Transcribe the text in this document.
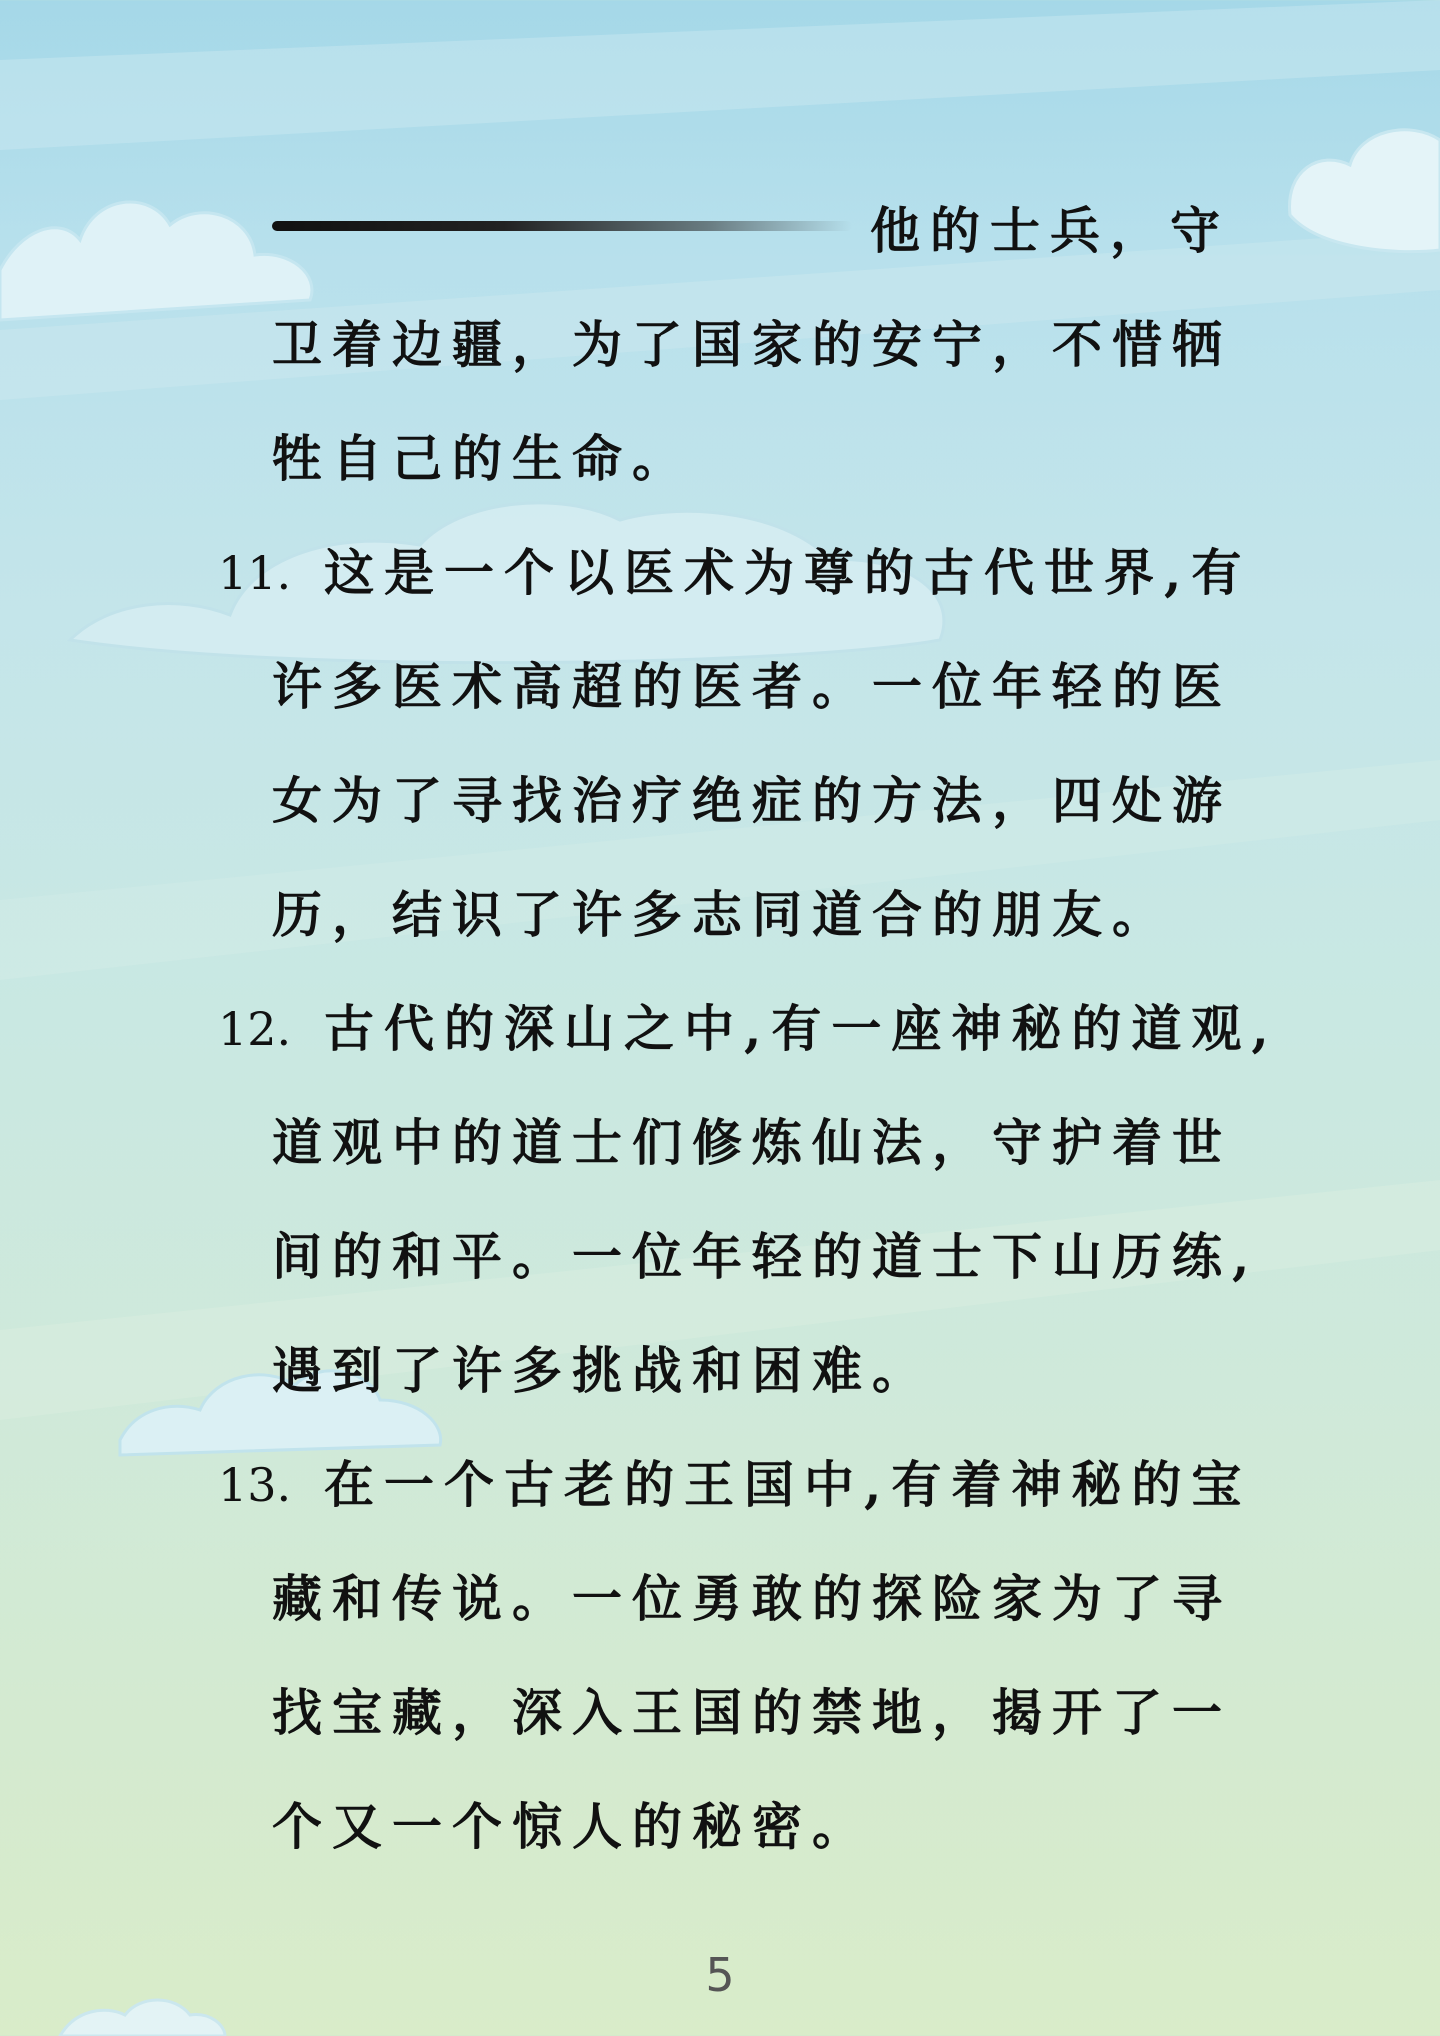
他的士兵，守
卫着边疆，为了国家的安宁，不惜牺
牲自己的生命。
11. 这是一个以医术为尊的古代世界,有
许多医术高超的医者。一位年轻的医
女为了寻找治疗绝症的方法，四处游
历，结识了许多志同道合的朋友。
12. 古代的深山之中,有一座神秘的道观,
道观中的道士们修炼仙法，守护着世
间的和平。一位年轻的道士下山历练,
遇到了许多挑战和困难。
13. 在一个古老的王国中,有着神秘的宝
藏和传说。一位勇敢的探险家为了寻
找宝藏，深入王国的禁地，揭开了一
个又一个惊人的秘密。
5
